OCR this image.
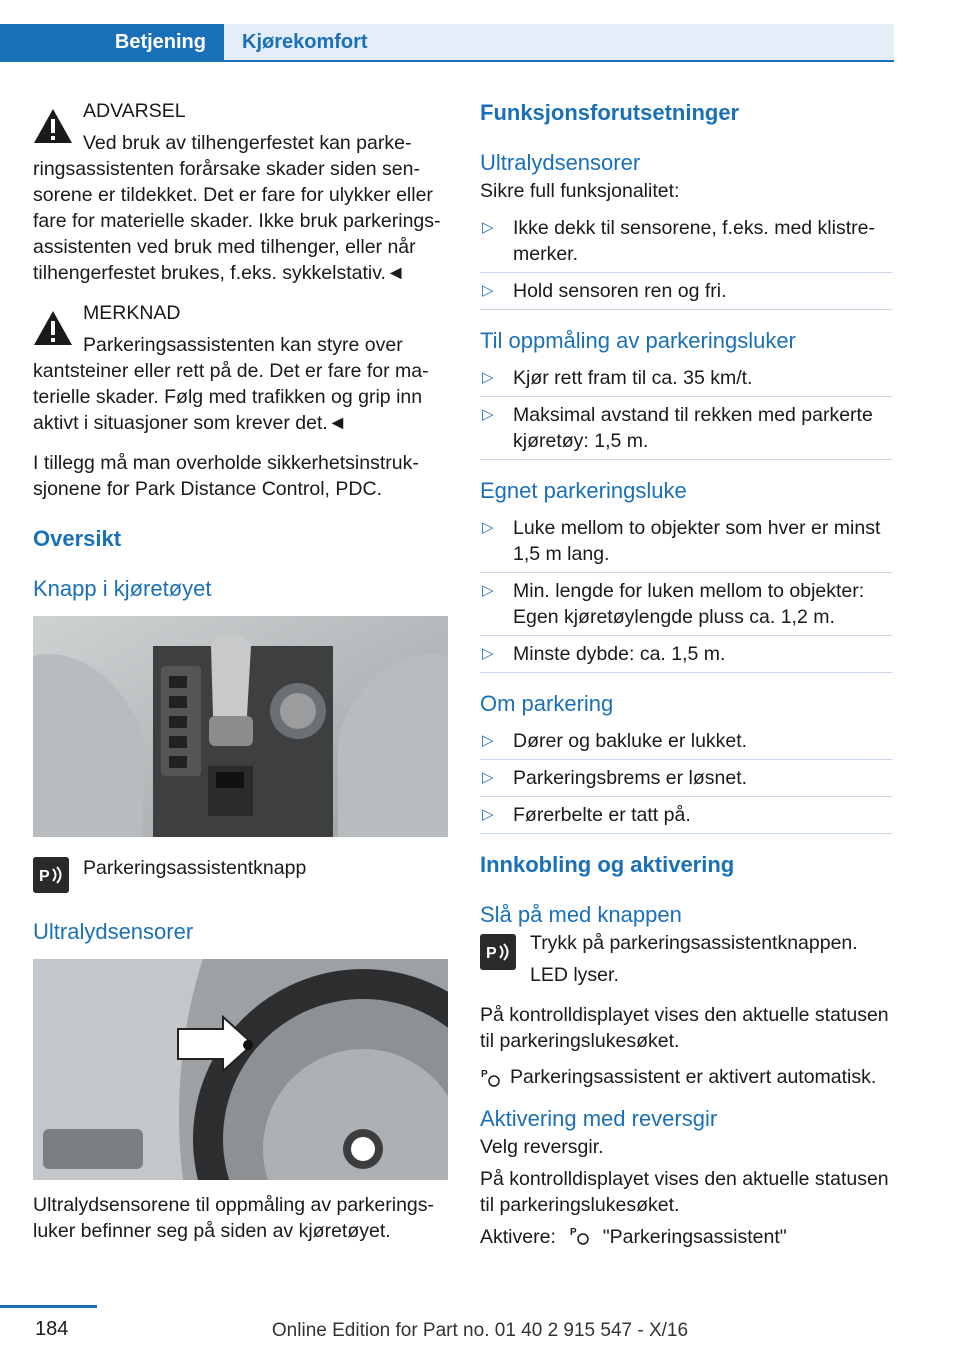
Betjening	Kjørekomfort

ADVARSEL

Ved bruk av tilhengerfestet kan parke-

ringsassistenten forårsake skader siden sensorene er tildekket. Det er fare for ulykker eller fare for materielle skader. Ikke bruk parkeringsassistenten ved bruk med tilhenger, eller når tilhengerfestet brukes, f.eks. sykkelstativ.◄

MERKNAD

Parkeringsassistenten kan styre over

kantsteiner eller rett på de. Det er fare for materielle skader. Følg med trafikken og grip inn aktivt i situasjoner som krever det.◄

I tillegg må man overholde sikkerhetsinstruksjonene for Park Distance Control, PDC.

Oversikt
Knapp i kjøretøyet
P Parkeringsassistentknapp

Ultralydsensorer

Ultralydsensorene til oppmåling av parkeringsluker befinner seg på siden av kjøretøyet.

Funksjonsforutsetninger
Ultralydsensorer

Sikre full funksjonalitet:

▷ Ikke dekk til sensorene, f.eks. med klistremerker.
▷ Hold sensoren ren og fri.
Til oppmåling av parkeringsluker
▷ Kjør rett fram til ca. 35 km/t.
▷ Maksimal avstand til rekken med parkerte kjøretøy: 1,5 m.
Egnet parkeringsluke
▷ Luke mellom to objekter som hver er minst 1,5 m lang.
▷ Min. lengde for luken mellom to objekter: Egen kjøretøylengde pluss ca. 1,2 m.
▷ Minste dybde: ca. 1,5 m.
Om parkering
▷ Dører og bakluke er lukket.
▷ Parkeringsbrems er løsnet.
▷ Førerbelte er tatt på.
Innkobling og aktivering
Slå på med knappen
P Trykk på parkeringsassistentknappen.

LED lyser.

På kontrolldisplayet vises den aktuelle statusen til parkeringslukesøket.

P Parkeringsassistent er aktivert automatisk.

Aktivering med reversgir

Velg reversgir.

På kontrolldisplayet vises den aktuelle statusen til parkeringslukesøket.

Aktivere: P "Parkeringsassistent"

184	Online Edition for Part no. 01 40 2 915 547 - X/16
